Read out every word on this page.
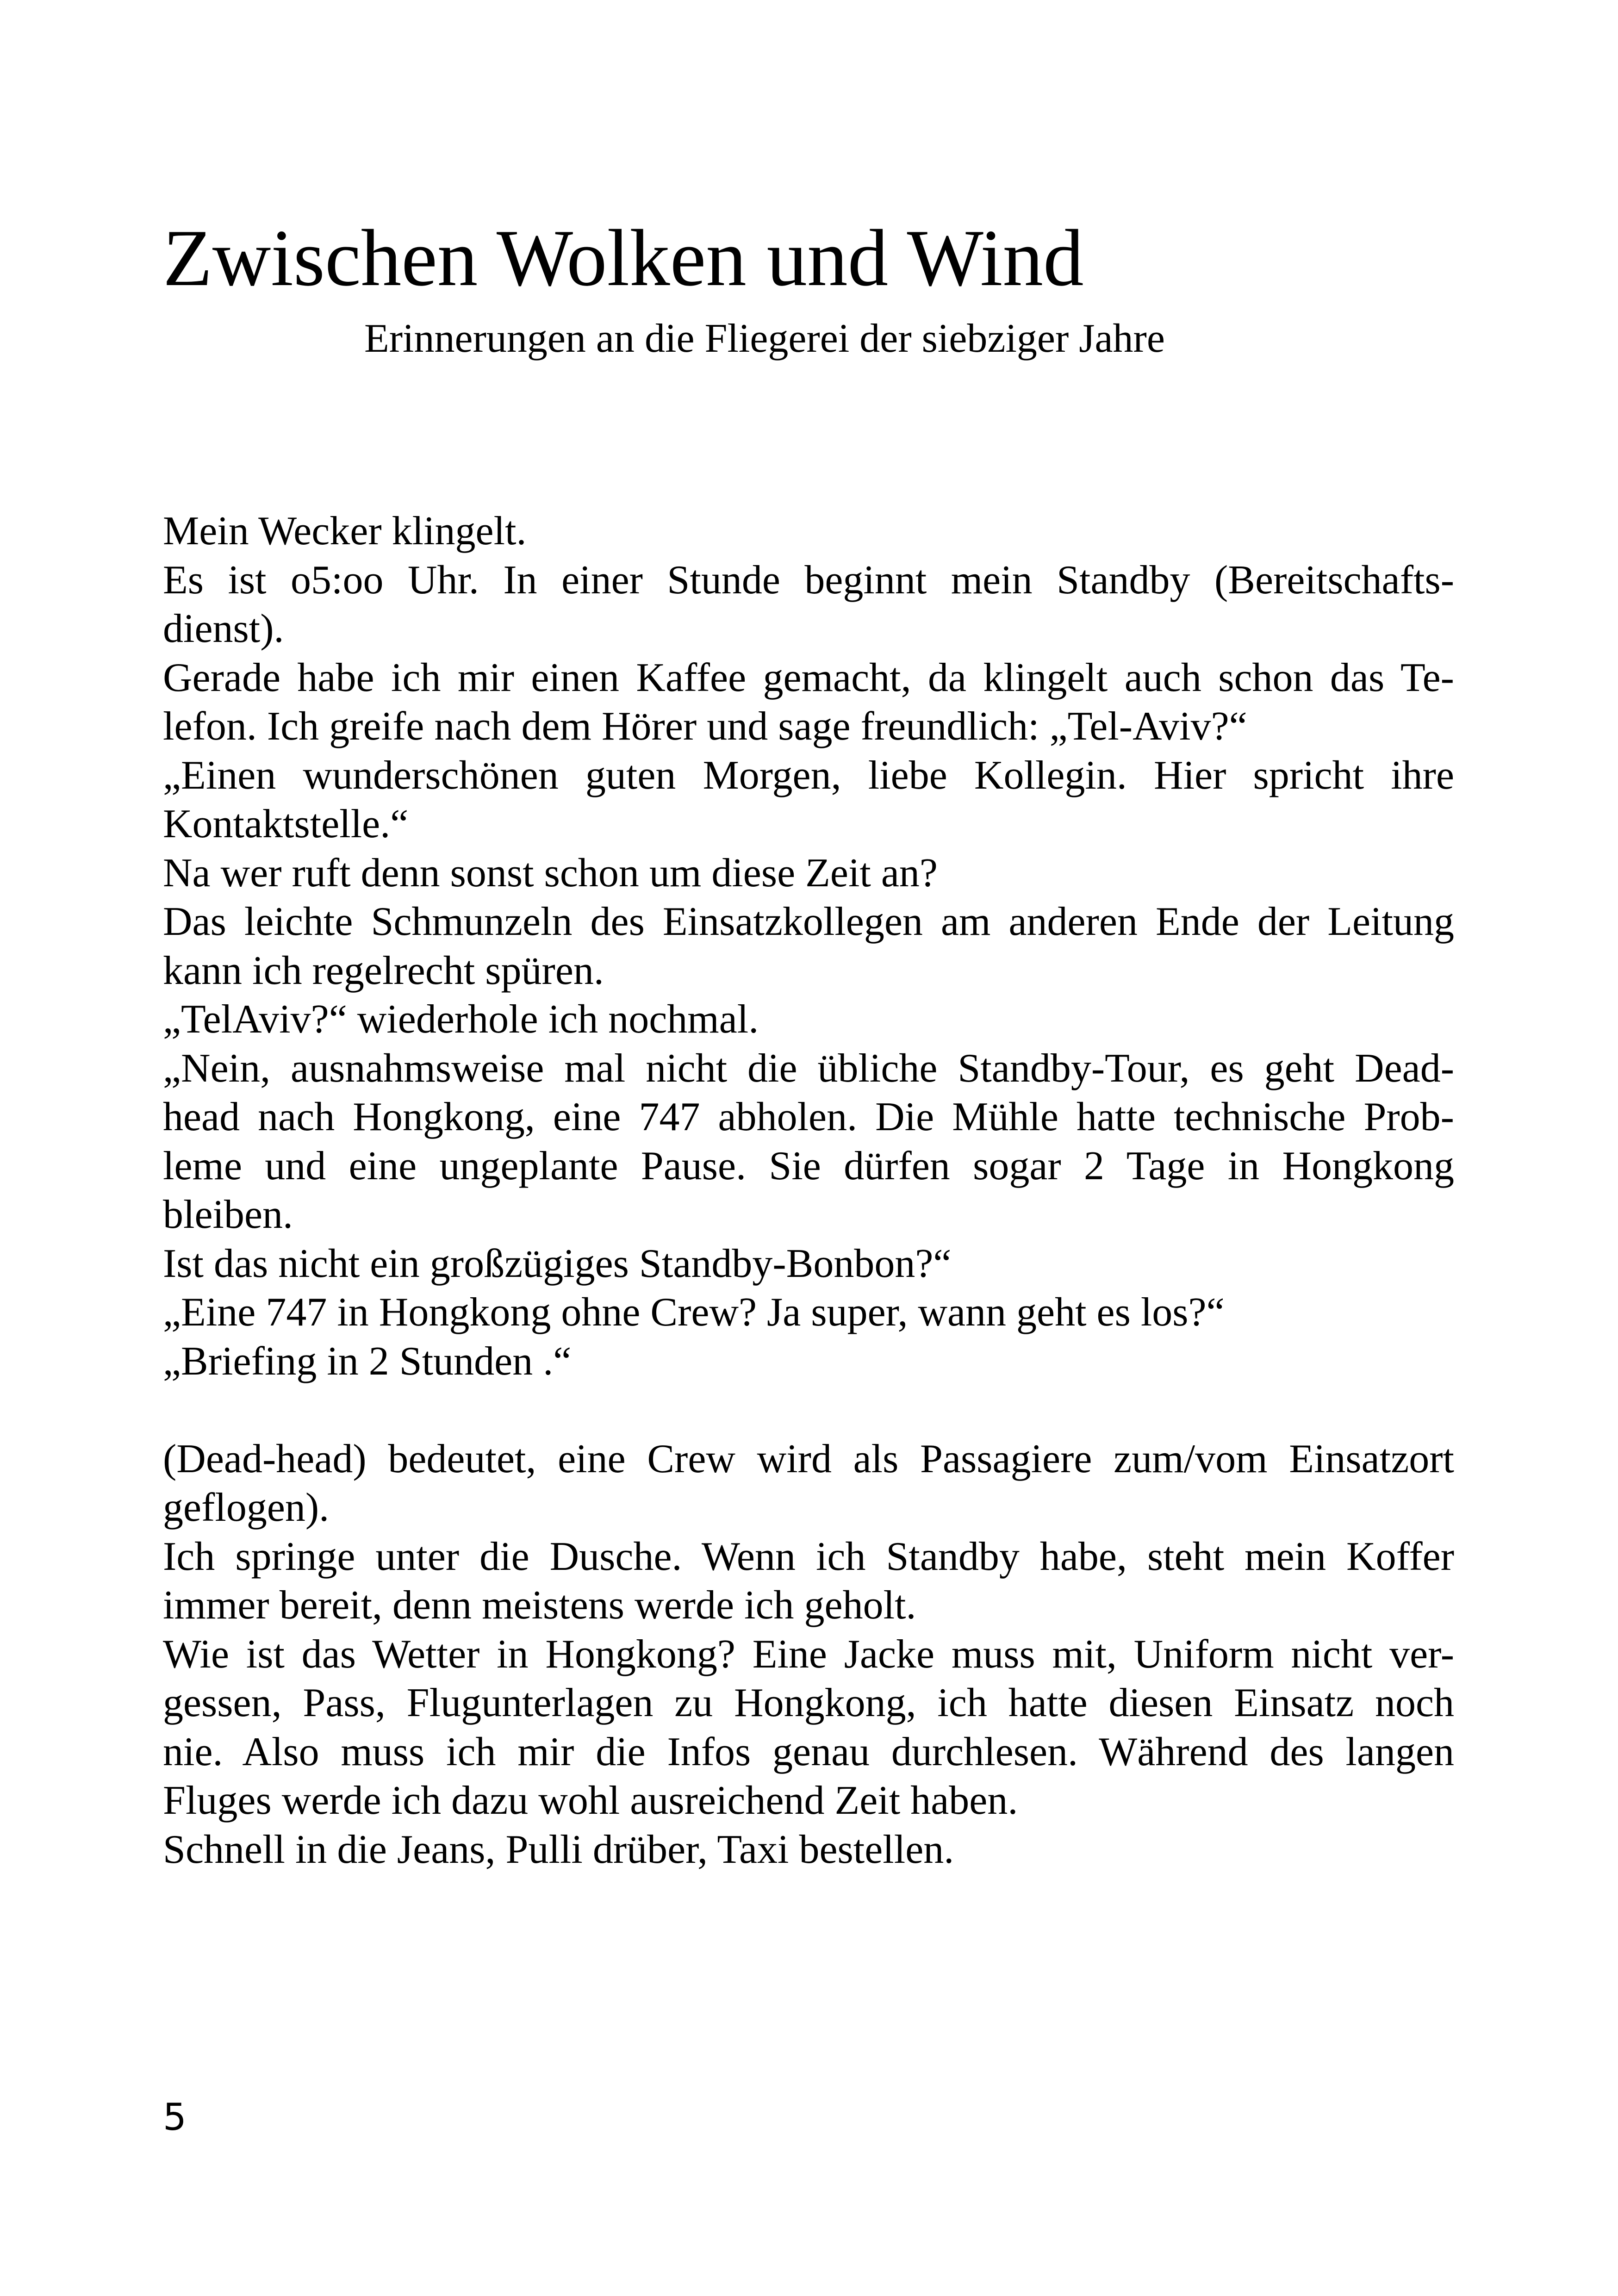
Zwischen Wolken und Wind
Erinnerungen an die Fliegerei der siebziger Jahre
Mein Wecker klingelt.
Es ist o5:oo Uhr. In einer Stunde beginnt mein Standby (Bereitschafts-
dienst).
Gerade habe ich mir einen Kaffee gemacht, da klingelt auch schon das Te-
lefon. Ich greife nach dem Hörer und sage freundlich: „Tel-Aviv?“
„Einen wunderschönen guten Morgen, liebe Kollegin. Hier spricht ihre
Kontaktstelle.“
Na wer ruft denn sonst schon um diese Zeit an?
Das leichte Schmunzeln des Einsatzkollegen am anderen Ende der Leitung
kann ich regelrecht spüren.
„TelAviv?“ wiederhole ich nochmal.
„Nein, ausnahmsweise mal nicht die übliche Standby-Tour, es geht Dead-
head nach Hongkong, eine 747 abholen. Die Mühle hatte technische Prob-
leme und eine ungeplante Pause. Sie dürfen sogar 2 Tage in Hongkong
bleiben.
Ist das nicht ein großzügiges Standby-Bonbon?“
„Eine 747 in Hongkong ohne Crew? Ja super, wann geht es los?“
„Briefing in 2 Stunden .“
(Dead-head) bedeutet, eine Crew wird als Passagiere zum/vom Einsatzort
geflogen).
Ich springe unter die Dusche. Wenn ich Standby habe, steht mein Koffer
immer bereit, denn meistens werde ich geholt.
Wie ist das Wetter in Hongkong? Eine Jacke muss mit, Uniform nicht ver-
gessen, Pass, Flugunterlagen zu Hongkong, ich hatte diesen Einsatz noch
nie. Also muss ich mir die Infos genau durchlesen. Während des langen
Fluges werde ich dazu wohl ausreichend Zeit haben.
Schnell in die Jeans, Pulli drüber, Taxi bestellen.
5
